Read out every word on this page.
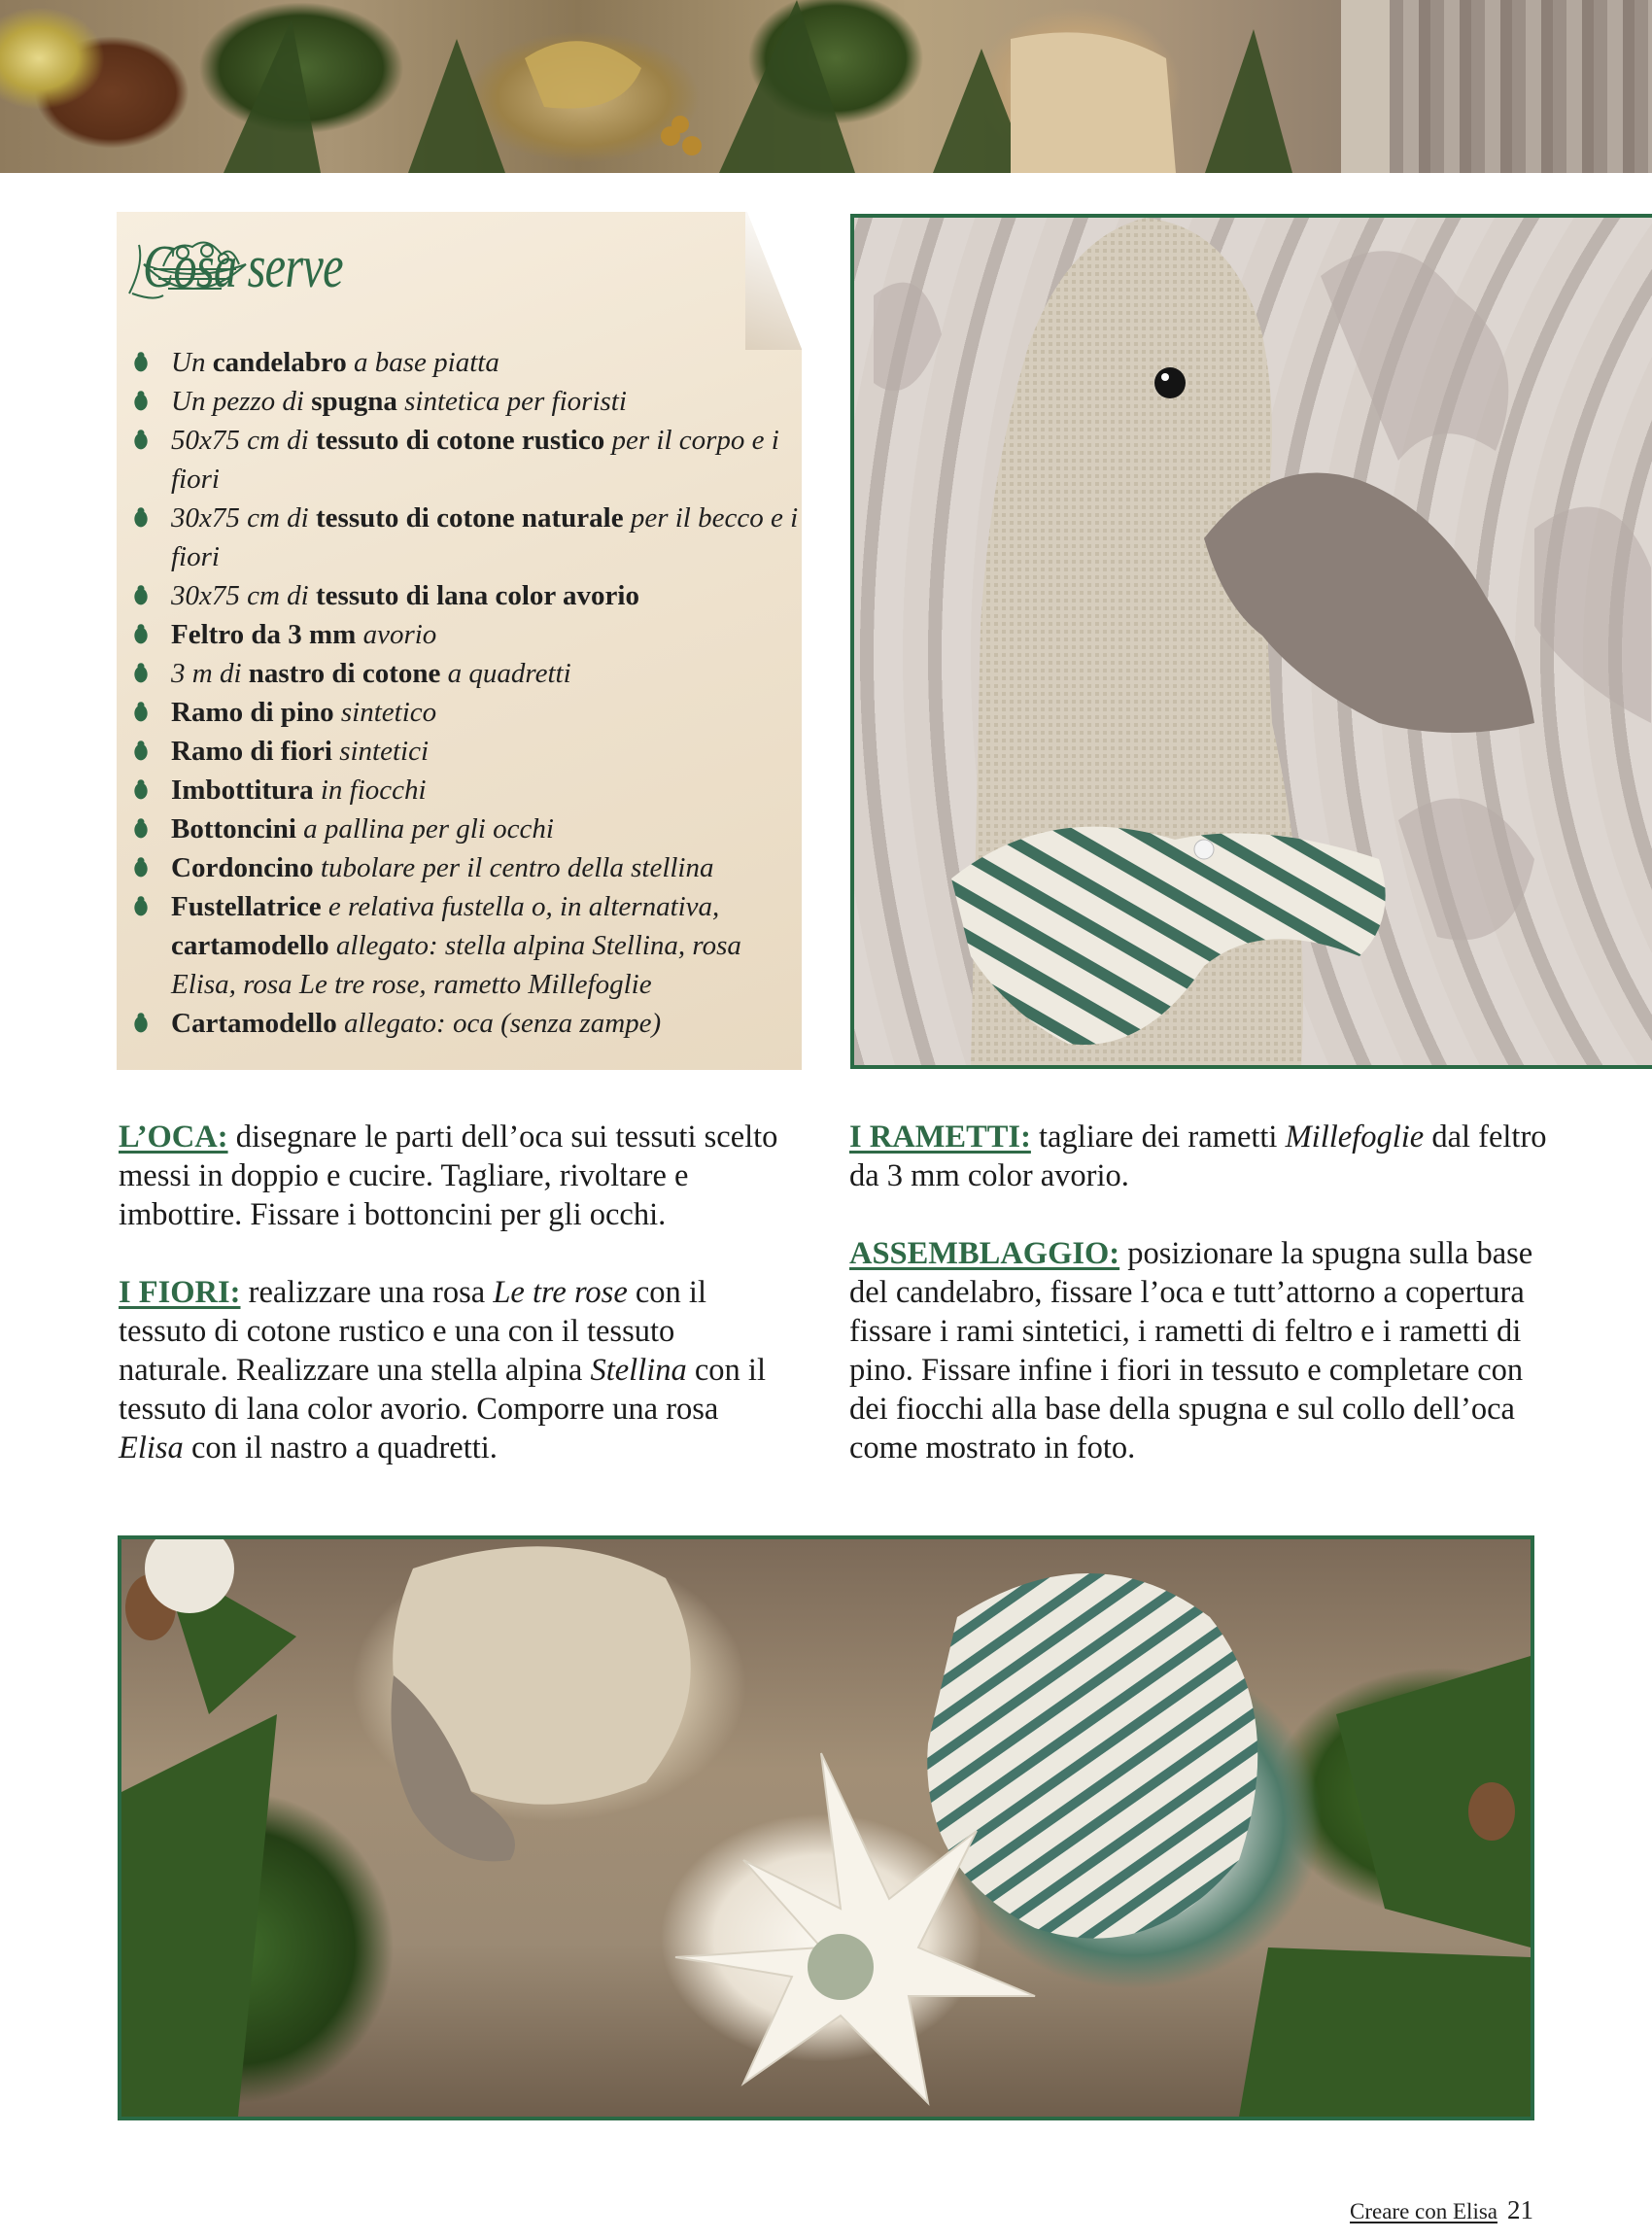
Cosa serve
Un candelabro a base piatta
Un pezzo di spugna sintetica per fioristi
50x75 cm di tessuto di cotone rustico per il corpo e i fiori
30x75 cm di tessuto di cotone naturale per il becco e i fiori
30x75 cm di tessuto di lana color avorio
Feltro da 3 mm avorio
3 m di nastro di cotone a quadretti
Ramo di pino sintetico
Ramo di fiori sintetici
Imbottitura in fiocchi
Bottoncini a pallina per gli occhi
Cordoncino tubolare per il centro della stellina
Fustellatrice e relativa fustella o, in alternativa, cartamodello allegato: stella alpina Stellina, rosa Elisa, rosa Le tre rose, rametto Millefoglie
Cartamodello allegato: oca (senza zampe)

L’OCA: disegnare le parti dell’oca sui tessuti scelto messi in doppio e cucire. Tagliare, rivoltare e imbottire. Fissare i bottoncini per gli occhi.

I FIORI: realizzare una rosa Le tre rose con il tessuto di cotone rustico e una con il tessuto naturale. Realizzare una stella alpina Stellina con il tessuto di lana color avorio. Comporre una rosa Elisa con il nastro a quadretti.

I RAMETTI: tagliare dei rametti Millefoglie dal feltro da 3 mm color avorio.

ASSEMBLAGGIO: posizionare la spugna sulla base del candelabro, fissare l’oca e tutt’attorno a copertura fissare i rami sintetici, i rametti di feltro e i rametti di pino. Fissare infine i fiori in tessuto e completare con dei fiocchi alla base della spugna e sul collo dell’oca come mostrato in foto.

Creare con Elisa 21
